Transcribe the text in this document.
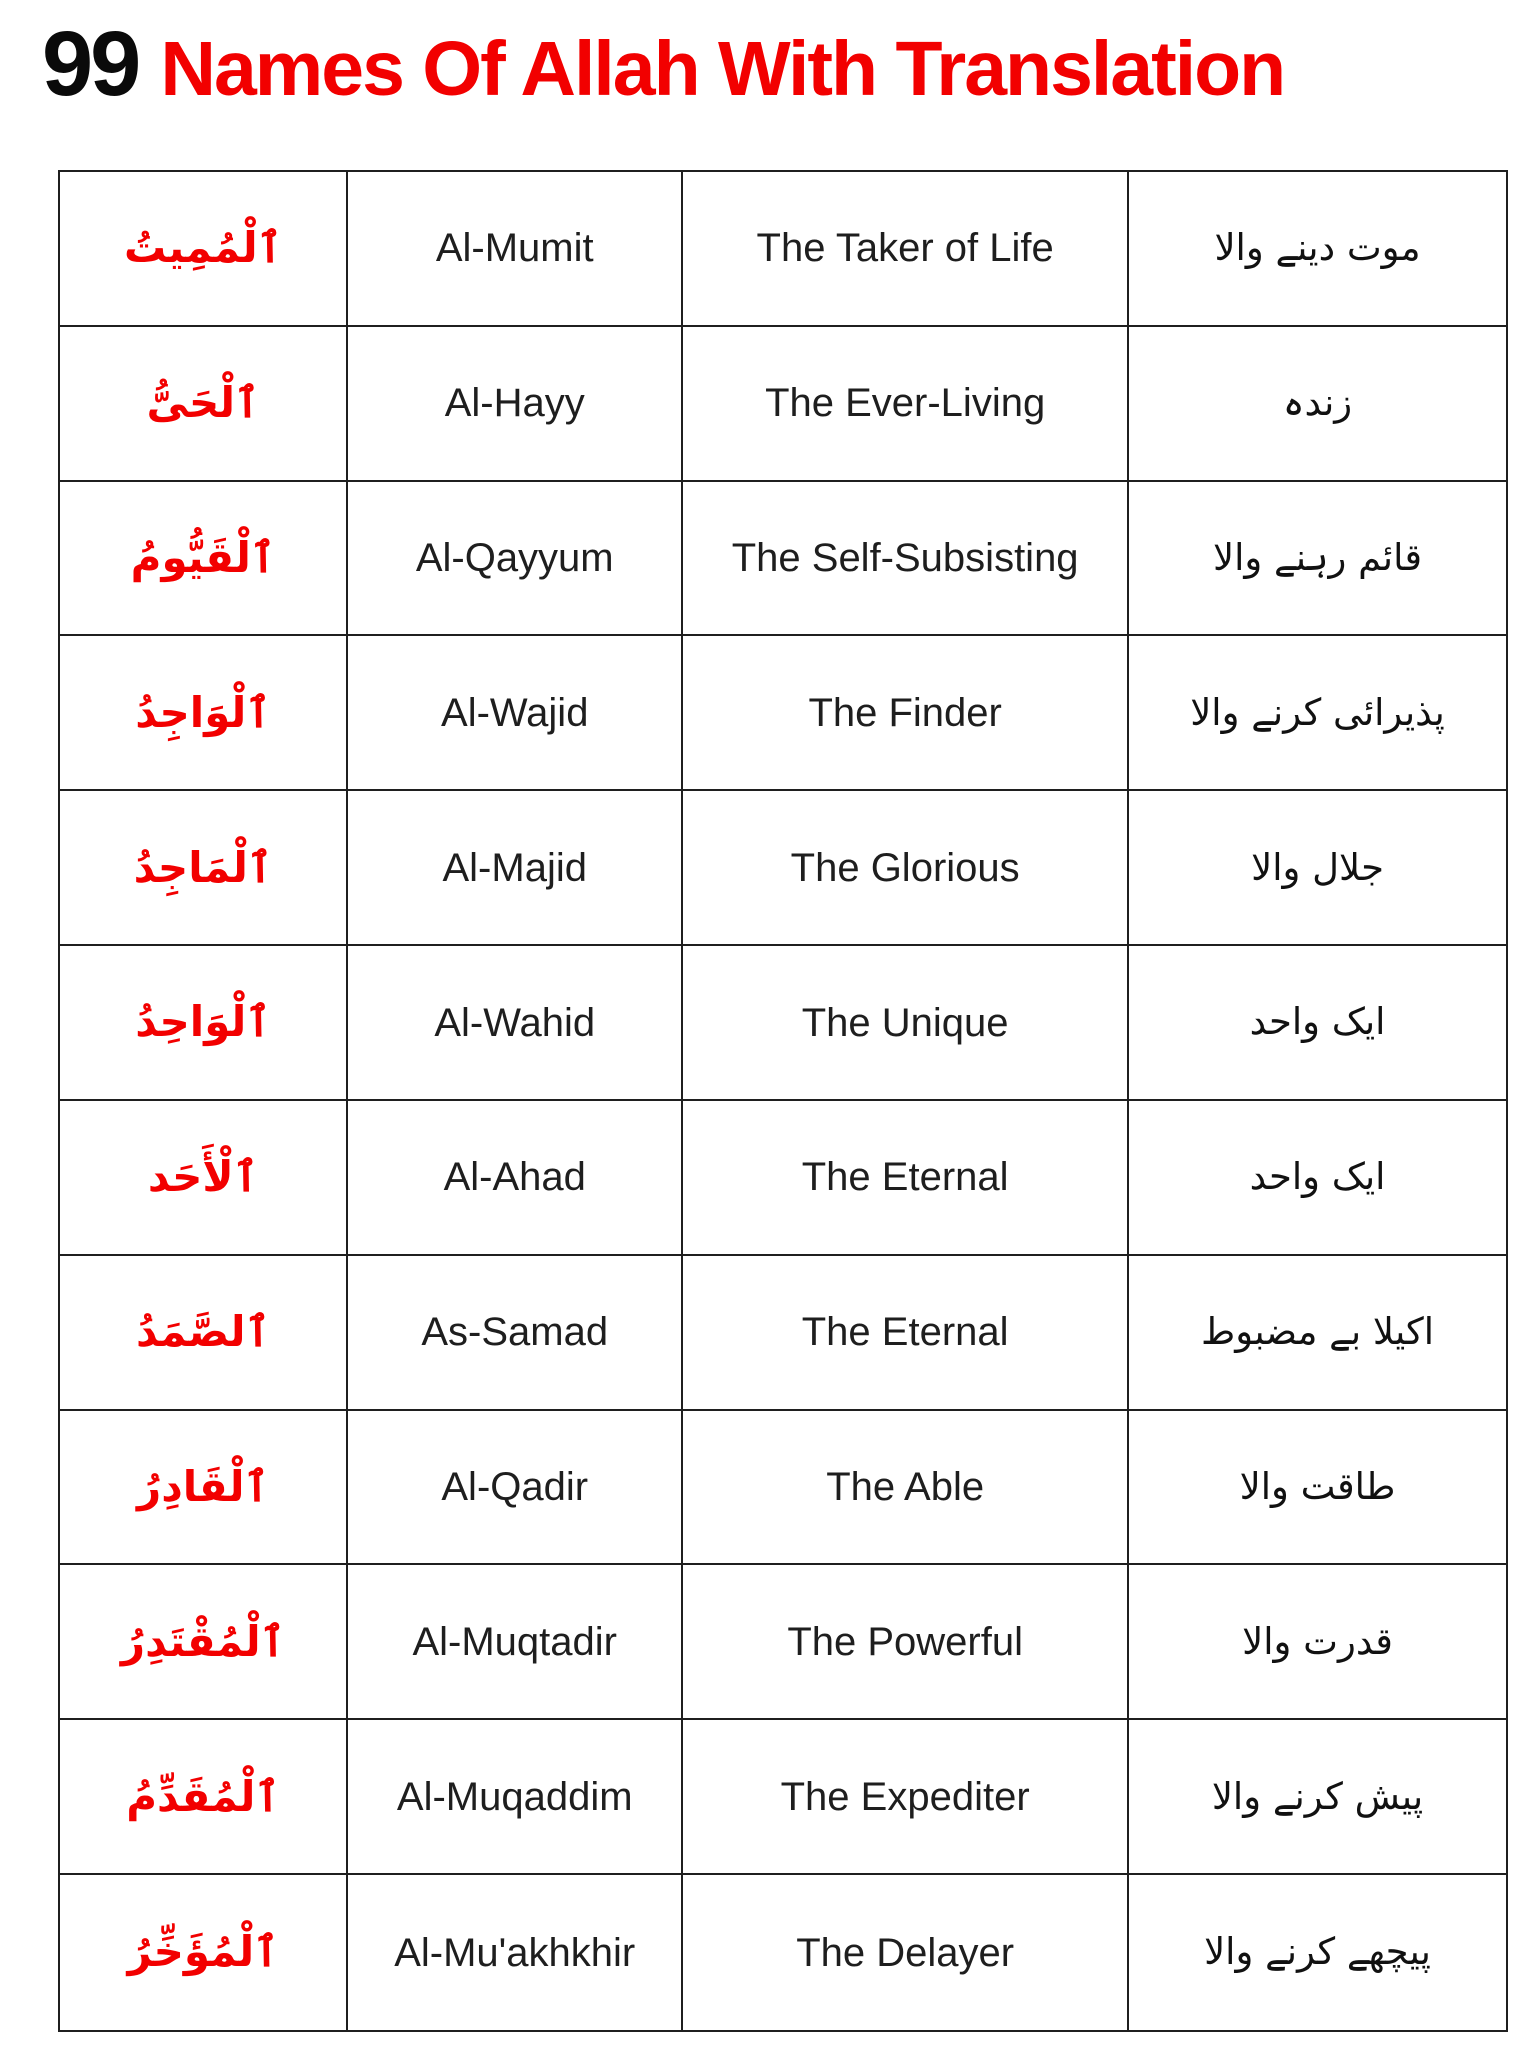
99 Names Of Allah With Translation
ٱلْمُمِيتُ	Al-Mumit	The Taker of Life	موت دینے والا
ٱلْحَىُّ	Al-Hayy	The Ever-Living	زندہ
ٱلْقَيُّومُ	Al-Qayyum	The Self-Subsisting	قائم رہنے والا
ٱلْوَاجِدُ	Al-Wajid	The Finder	پذیرائی کرنے والا
ٱلْمَاجِدُ	Al-Majid	The Glorious	جلال والا
ٱلْوَاحِدُ	Al-Wahid	The Unique	ایک واحد
ٱلْأَحَد	Al-Ahad	The Eternal	ایک واحد
ٱلصَّمَدُ	As-Samad	The Eternal	اکیلا بے مضبوط
ٱلْقَادِرُ	Al-Qadir	The Able	طاقت والا
ٱلْمُقْتَدِرُ	Al-Muqtadir	The Powerful	قدرت والا
ٱلْمُقَدِّمُ	Al-Muqaddim	The Expediter	پیش کرنے والا
ٱلْمُؤَخِّرُ	Al-Mu'akhkhir	The Delayer	پیچھے کرنے والا
